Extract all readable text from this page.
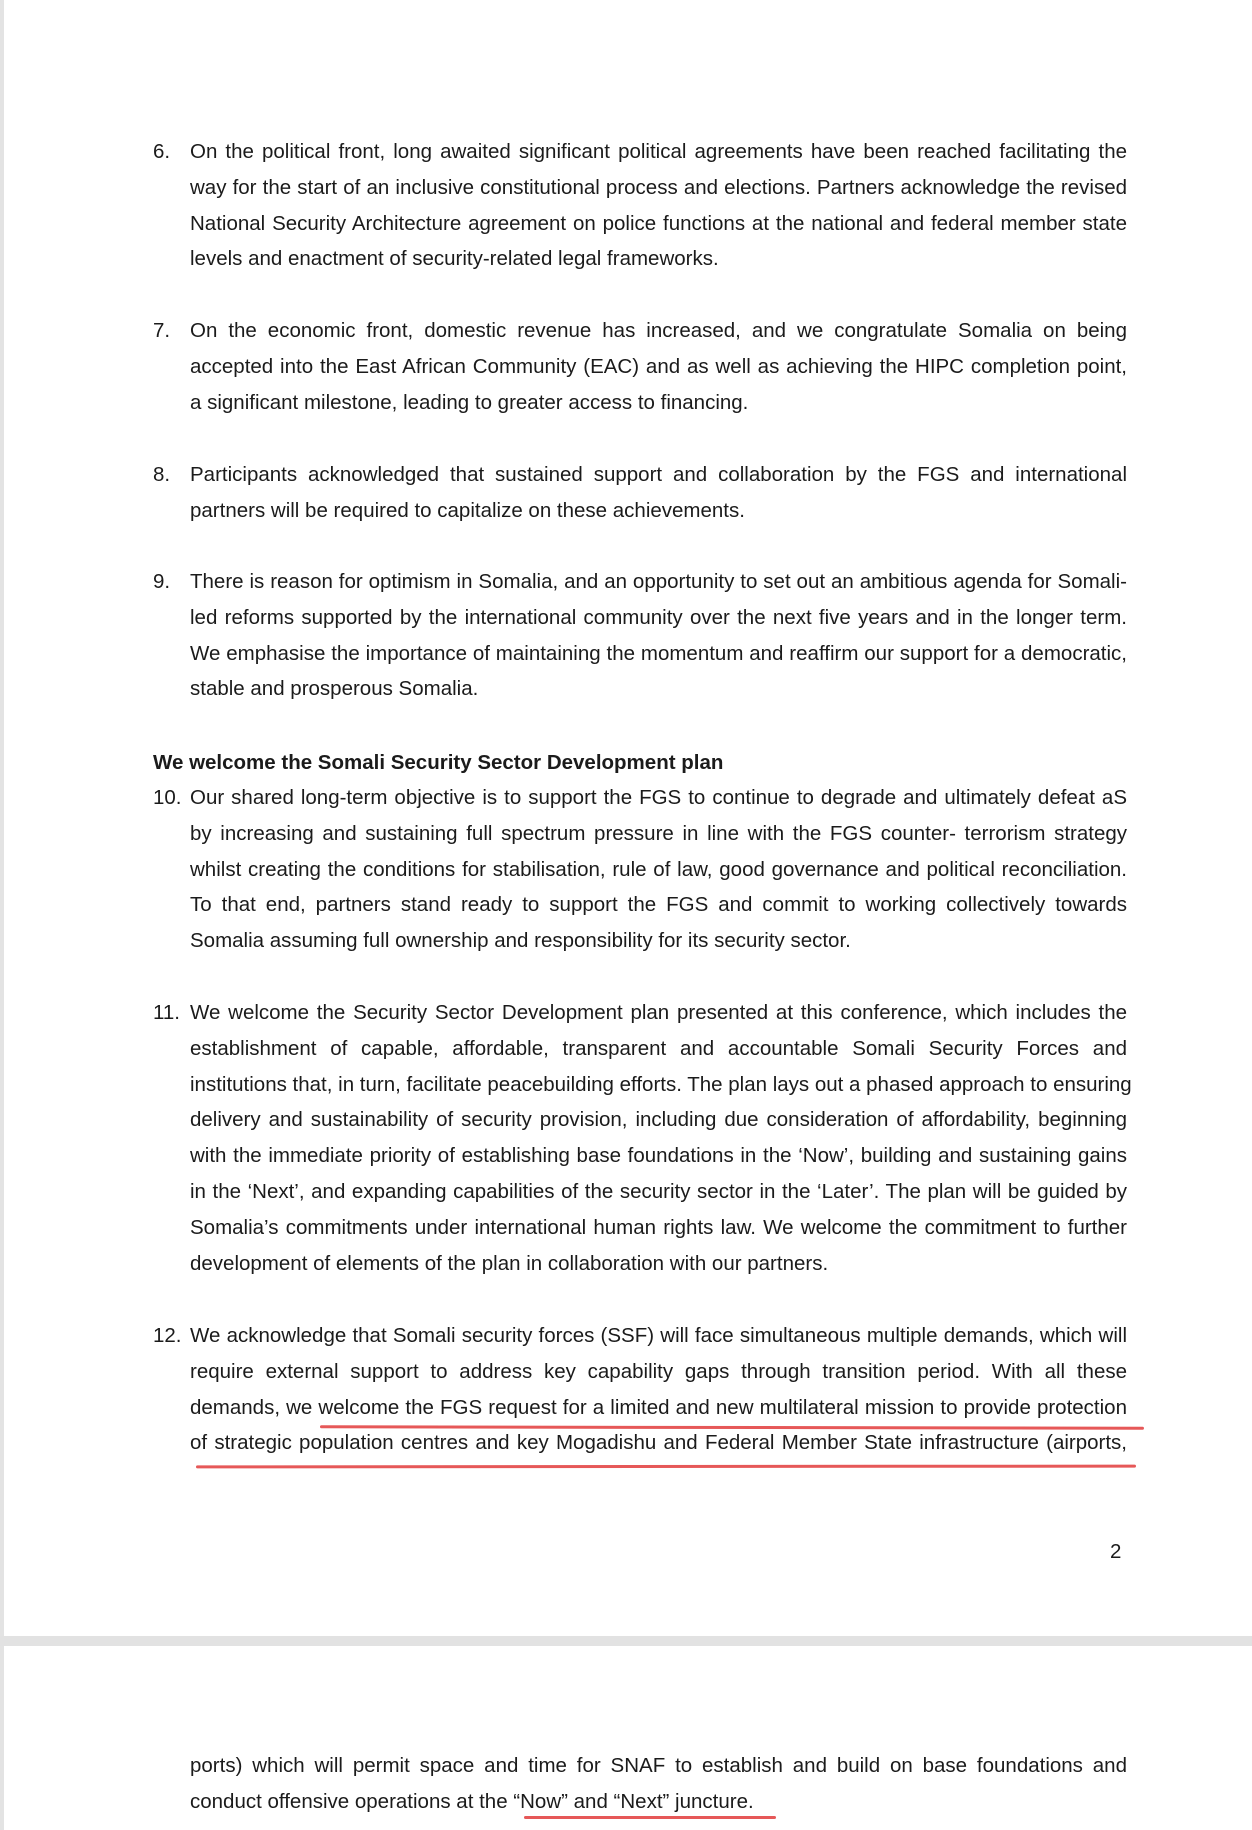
6. On the political front, long awaited significant political agreements have been reached facilitating the
way for the start of an inclusive constitutional process and elections. Partners acknowledge the revised
National Security Architecture agreement on police functions at the national and federal member state
levels and enactment of security-related legal frameworks.
7. On the economic front, domestic revenue has increased, and we congratulate Somalia on being
accepted into the East African Community (EAC) and as well as achieving the HIPC completion point,
a significant milestone, leading to greater access to financing.
8. Participants acknowledged that sustained support and collaboration by the FGS and international
partners will be required to capitalize on these achievements.
9. There is reason for optimism in Somalia, and an opportunity to set out an ambitious agenda for Somali-
led reforms supported by the international community over the next five years and in the longer term.
We emphasise the importance of maintaining the momentum and reaffirm our support for a democratic,
stable and prosperous Somalia.
We welcome the Somali Security Sector Development plan
10. Our shared long-term objective is to support the FGS to continue to degrade and ultimately defeat aS
by increasing and sustaining full spectrum pressure in line with the FGS counter- terrorism strategy
whilst creating the conditions for stabilisation, rule of law, good governance and political reconciliation.
To that end, partners stand ready to support the FGS and commit to working collectively towards
Somalia assuming full ownership and responsibility for its security sector.
11. We welcome the Security Sector Development plan presented at this conference, which includes the
establishment of capable, affordable, transparent and accountable Somali Security Forces and
institutions that, in turn, facilitate peacebuilding efforts. The plan lays out a phased approach to ensuring
delivery and sustainability of security provision, including due consideration of affordability, beginning
with the immediate priority of establishing base foundations in the ‘Now’, building and sustaining gains
in the ‘Next’, and expanding capabilities of the security sector in the ‘Later’. The plan will be guided by
Somalia’s commitments under international human rights law. We welcome the commitment to further
development of elements of the plan in collaboration with our partners.
12. We acknowledge that Somali security forces (SSF) will face simultaneous multiple demands, which will
require external support to address key capability gaps through transition period. With all these
demands, we welcome the FGS request for a limited and new multilateral mission to provide protection
of strategic population centres and key Mogadishu and Federal Member State infrastructure (airports,
2
ports) which will permit space and time for SNAF to establish and build on base foundations and
conduct offensive operations at the “Now” and “Next” juncture.
